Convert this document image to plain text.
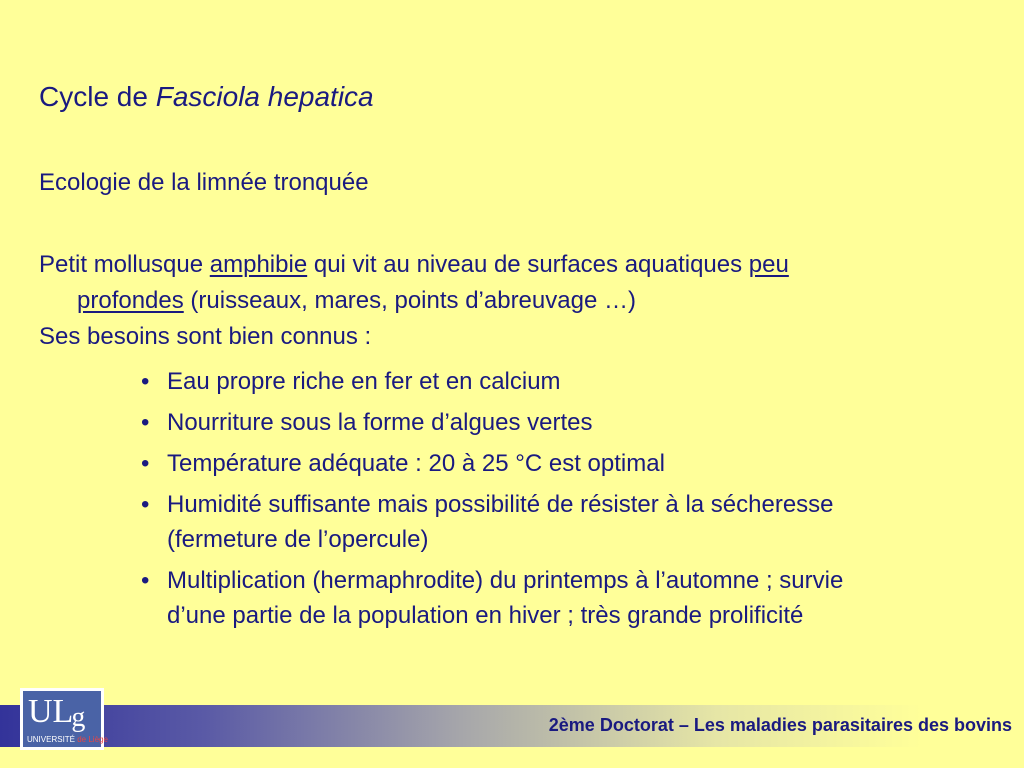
Cycle de Fasciola hepatica
Ecologie de la limnée tronquée
Petit mollusque amphibie qui vit au niveau de surfaces aquatiques peu
profondes (ruisseaux, mares, points d’abreuvage …)
Ses besoins sont bien connus :
• Eau propre riche en fer et en calcium
• Nourriture sous la forme d’algues vertes
• Température adéquate : 20 à 25 °C est optimal
• Humidité suffisante mais possibilité de résister à la sécheresse
(fermeture de l’opercule)
• Multiplication (hermaphrodite) du printemps à l’automne ; survie
d’une partie de la population en hiver ; très grande prolificité
ULg
UNIVERSITÉ de Liège
2ème Doctorat – Les maladies parasitaires des bovins
